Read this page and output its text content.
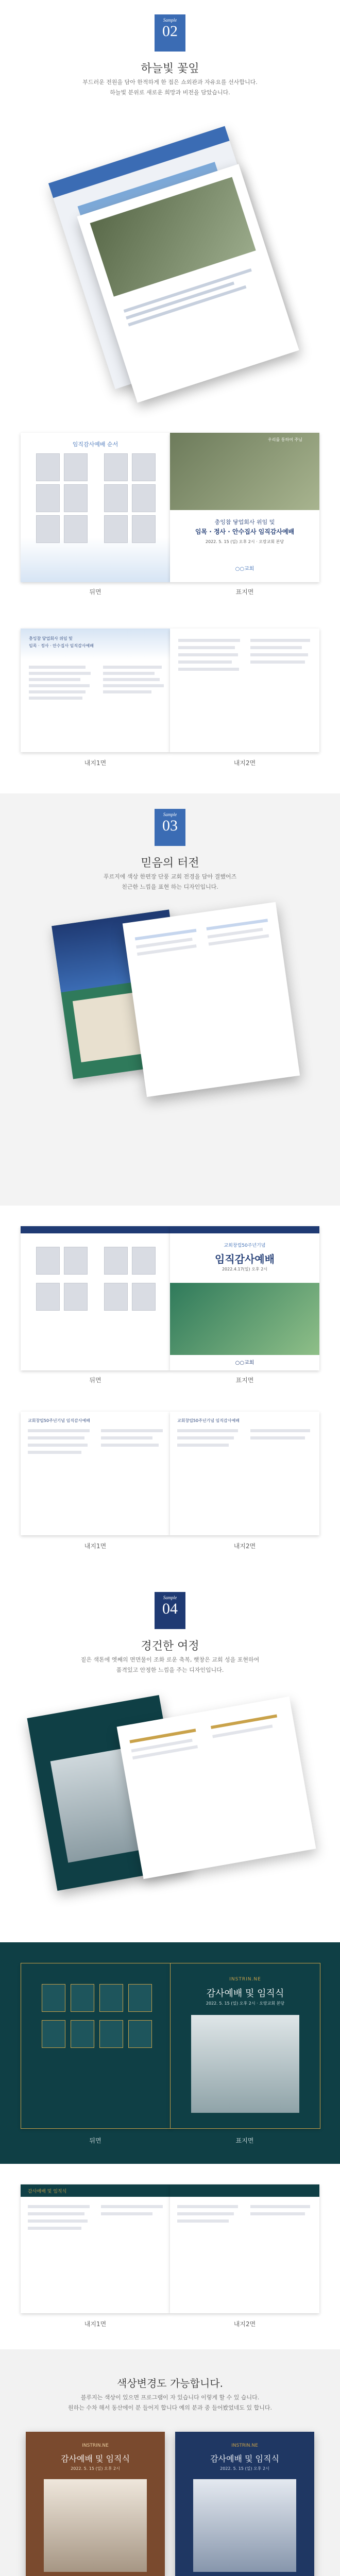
Sample
02
하늘빛 꽃잎
부드러운 전원을 담아 한적하게 한 접은 쇼외관과 자유요를 선사합니다.
하늘빛 분위로 새로운 희망과 비전을 담았습니다.
임직감사예배 순서
우리를 통하여 주님
충잉참 닿업회사 위임 및
임목 · 정사 · 안수집사 임직감사예배
2022. 5. 15 (일) 오후 2시 · 오랑교회 본당
○○교회
뒤면	표지면
충잉참 닿업회사 위임 및
임목 · 정사 · 안수집사 임직감사예배
내지1면	내지2면
Sample
03
믿음의 터전
푸르지에 색상 한편장 단풍 교회 전경을 담아 결했어즈
친근한 느낌을 표현 하는 디자인입니다.
교회창립50주년기념
임직감사예배
2022.4.17(일) 오후 2시
○○교회
뒤면	표지면
교회창립50주년기념 임직감사예배	교회창립50주년기념 임직감사예배
내지1면	내지2면
Sample
04
경건한 여정
짙은 색톤에 엣째의 면면물이 조화 로운 축복, 햇창은 교회 성을 포현하여
품격있고 안정한 느낌을 주는 디자인입니다.
INSTRIN.NE
감사예배 및 임직식
2022. 5. 15 (일) 오후 2시 · 오랑교회 본당
뒤면	표지면
감사예배 및 임직식
내지1면	내지2면
색상변경도 가능합니다.
블루지는 색상이 있으면 프로그램이 자 있습니다 이렇게 할 수 있 습니다.
원하는 수차 해서 동산에이 분 들어지 합니다 예의 분과 중 들어봤었네도 있 합니다.
INSTRIN.NE
감사예배 및 임직식
2022. 5. 15 (일) 오후 2시
INSTRIN.NE
감사예배 및 임직식
2022. 5. 15 (일) 오후 2시
